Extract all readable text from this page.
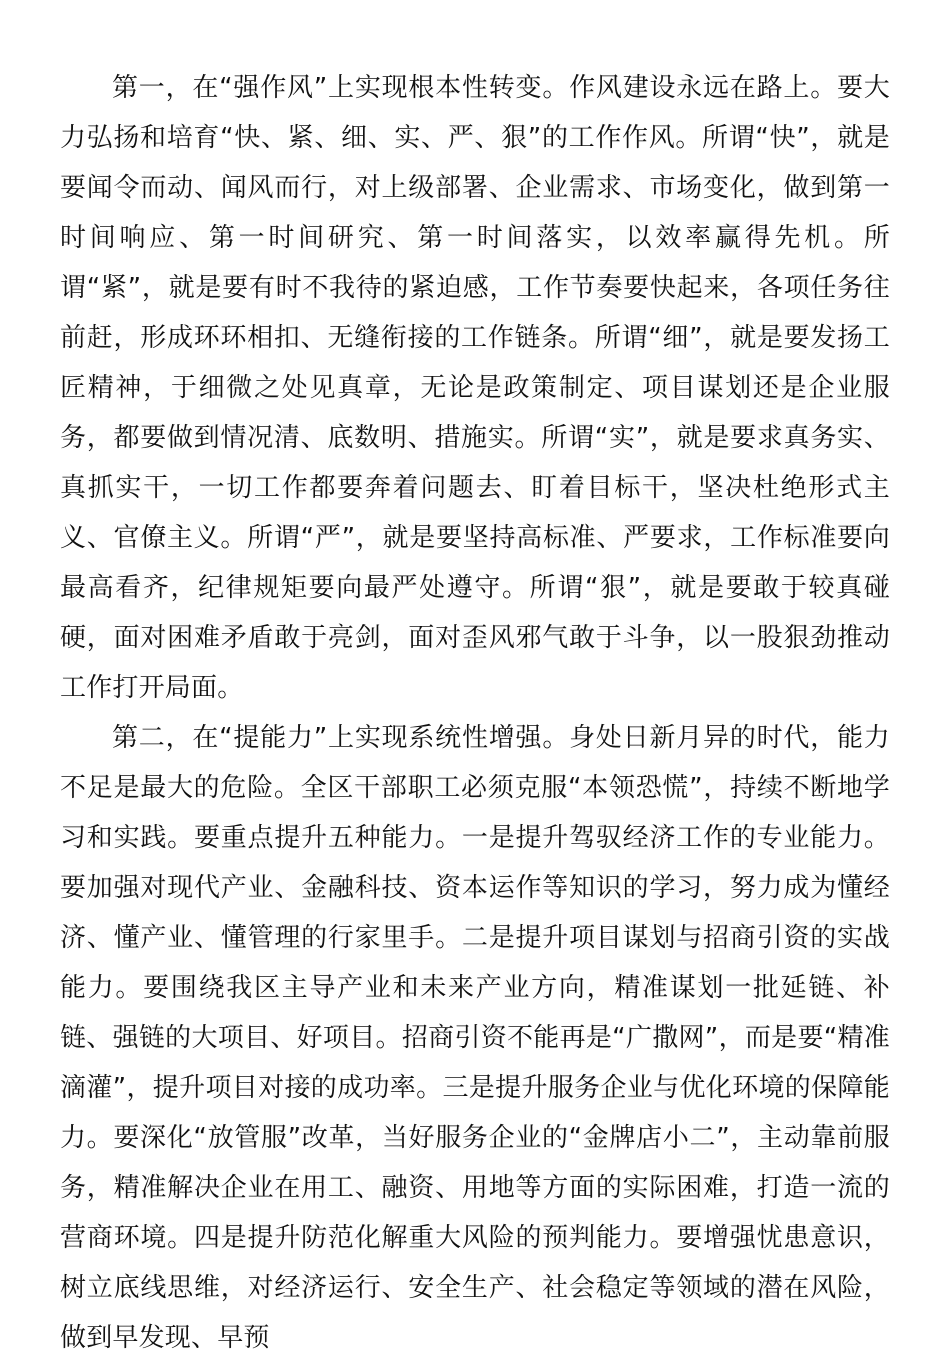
第一，在“强作风”上实现根本性转变。作风建设永远在路上。要大力弘扬和培育“快、紧、细、实、严、狠”的工作作风。所谓“快”，就是要闻令而动、闻风而行，对上级部署、企业需求、市场变化，做到第一时间响应、第一时间研究、第一时间落实，以效率赢得先机。所谓“紧”，就是要有时不我待的紧迫感，工作节奏要快起来，各项任务往前赶，形成环环相扣、无缝衔接的工作链条。所谓“细”，就是要发扬工匠精神，于细微之处见真章，无论是政策制定、项目谋划还是企业服务，都要做到情况清、底数明、措施实。所谓“实”，就是要求真务实、真抓实干，一切工作都要奔着问题去、盯着目标干，坚决杜绝形式主义、官僚主义。所谓“严”，就是要坚持高标准、严要求，工作标准要向最高看齐，纪律规矩要向最严处遵守。所谓“狠”，就是要敢于较真碰硬，面对困难矛盾敢于亮剑，面对歪风邪气敢于斗争，以一股狠劲推动工作打开局面。

第二，在“提能力”上实现系统性增强。身处日新月异的时代，能力不足是最大的危险。全区干部职工必须克服“本领恐慌”，持续不断地学习和实践。要重点提升五种能力。一是提升驾驭经济工作的专业能力。要加强对现代产业、金融科技、资本运作等知识的学习，努力成为懂经济、懂产业、懂管理的行家里手。二是提升项目谋划与招商引资的实战能力。要围绕我区主导产业和未来产业方向，精准谋划一批延链、补链、强链的大项目、好项目。招商引资不能再是“广撒网”，而是要“精准滴灌”，提升项目对接的成功率。三是提升服务企业与优化环境的保障能力。要深化“放管服”改革，当好服务企业的“金牌店小二”，主动靠前服务，精准解决企业在用工、融资、用地等方面的实际困难，打造一流的营商环境。四是提升防范化解重大风险的预判能力。要增强忧患意识，树立底线思维，对经济运行、安全生产、社会稳定等领域的潜在风险，做到早发现、早预
